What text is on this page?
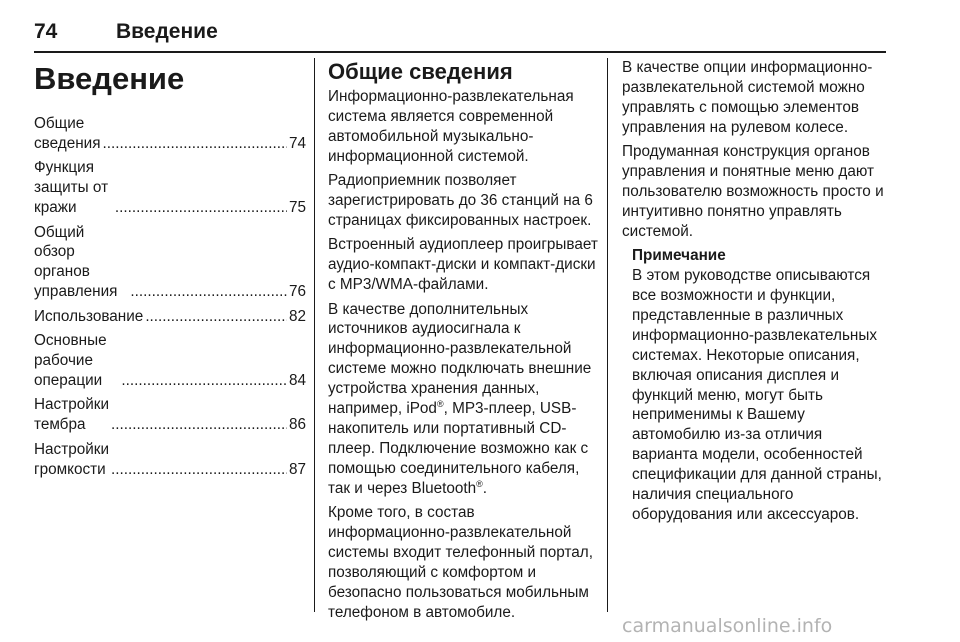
74	Введение
Введение
Общие сведения .....	74
Функция защиты от кражи .....	75
Общий обзор органов управления .....	76
Использование .....	82
Основные рабочие операции .....	84
Настройки тембра .....	86
Настройки громкости .....	87
Общие сведения

Информационно-развлекательная система является современной автомобильной музыкально-информационной системой.

Радиоприемник позволяет зарегистрировать до 36 станций на 6 страницах фиксированных настроек.

Встроенный аудиоплеер проигрывает аудио-компакт-диски и компакт-диски с MP3/WMA-файлами.

В качестве дополнительных источников аудиосигнала к информационно-развлекательной системе можно подключать внешние устройства хранения данных, например, iPod®, MP3-плеер, USB-накопитель или портативный CD-плеер. Подключение возможно как с помощью соединительного кабеля, так и через Bluetooth®.

Кроме того, в состав информационно-развлекательной системы входит телефонный портал, позволяющий с комфортом и безопасно пользоваться мобильным телефоном в автомобиле.

В качестве опции информационно-развлекательной системой можно управлять с помощью элементов управления на рулевом колесе.

Продуманная конструкция органов управления и понятные меню дают пользователю возможность просто и интуитивно понятно управлять системой.

Примечание

В этом руководстве описываются все возможности и функции, представленные в различных информационно-развлекательных системах. Некоторые описания, включая описания дисплея и функций меню, могут быть неприменимы к Вашему автомобилю из-за отличия варианта модели, особенностей спецификации для данной страны, наличия специального оборудования или аксессуаров.

carmanualsonline.info
